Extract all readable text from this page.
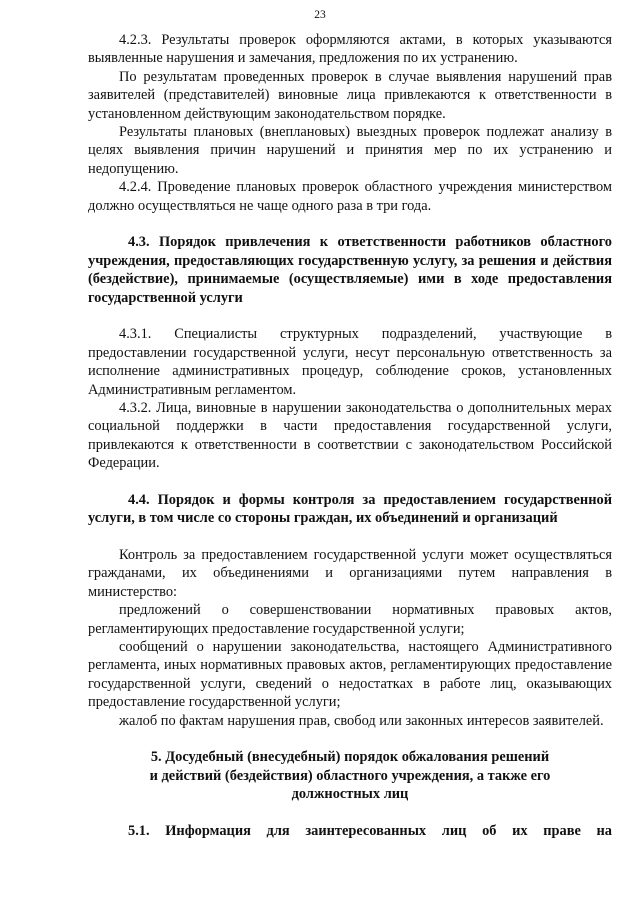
23

4.2.3. Результаты проверок оформляются актами, в которых указываются выявленные нарушения и замечания, предложения по их устранению.

По результатам проведенных проверок в случае выявления нарушений прав заявителей (представителей) виновные лица привлекаются к ответственности в установленном действующим законодательством порядке.

Результаты плановых (внеплановых) выездных проверок подлежат анализу в целях выявления причин нарушений и принятия мер по их устранению и недопущению.

4.2.4. Проведение плановых проверок областного учреждения министерством должно осуществляться не чаще одного раза в три года.

4.3. Порядок привлечения к ответственности работников областного учреждения, предоставляющих государственную услугу, за решения и действия (бездействие), принимаемые (осуществляемые) ими в ходе предоставления государственной услуги

4.3.1. Специалисты структурных подразделений, участвующие в предоставлении государственной услуги, несут персональную ответственность за исполнение административных процедур, соблюдение сроков, установленных Административным регламентом.

4.3.2. Лица, виновные в нарушении законодательства о дополнительных мерах социальной поддержки в части предоставления государственной услуги, привлекаются к ответственности в соответствии с законодательством Российской Федерации.

4.4. Порядок и формы контроля за предоставлением государственной услуги, в том числе со стороны граждан, их объединений и организаций

Контроль за предоставлением государственной услуги может осуществляться гражданами, их объединениями и организациями путем направления в министерство:

предложений о совершенствовании нормативных правовых актов, регламентирующих предоставление государственной услуги;

сообщений о нарушении законодательства, настоящего Административного регламента, иных нормативных правовых актов, регламентирующих предоставление государственной услуги, сведений о недостатках в работе лиц, оказывающих предоставление государственной услуги;

жалоб по фактам нарушения прав, свобод или законных интересов заявителей.

5. Досудебный (внесудебный) порядок обжалования решений
и действий (бездействия) областного учреждения, а также его
должностных лиц
5.1. Информация для заинтересованных лиц об их праве на
